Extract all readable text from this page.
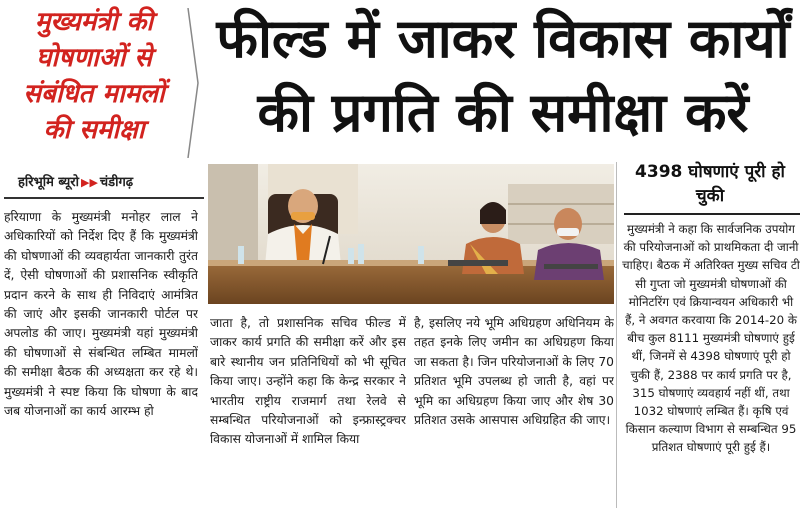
मुख्यमंत्री की
घोषणाओं से
संबंधित मामलों
की समीक्षा
फील्ड में जाकर विकास कार्यों
की प्रगति की समीक्षा करें
हरिभूमि ब्यूरो ▶▶ चंडीगढ़
हरियाणा के मुख्यमंत्री मनोहर लाल ने अधिकारियों को निर्देश दिए हैं कि मुख्यमंत्री की घोषणाओं की व्यवहार्यता जानकारी तुरंत दें, ऐसी घोषणाओं की प्रशासनिक स्वीकृति प्रदान करने के साथ ही निविदाएं आमंत्रित की जाएं और इसकी जानकारी पोर्टल पर अपलोड की जाए। मुख्यमंत्री यहां मुख्यमंत्री की घोषणाओं से संबन्धित लम्बित मामलों की समीक्षा बैठक की अध्यक्षता कर रहे थे। मुख्यमंत्री ने स्पष्ट किया कि घोषणा के बाद जब योजनाओं का कार्य आरम्भ हो
जाता है, तो प्रशासनिक सचिव फील्ड में जाकर कार्य प्रगति की समीक्षा करें और इस बारे स्थानीय जन प्रतिनिधियों को भी सूचित किया जाए। उन्होंने कहा कि केन्द्र सरकार ने भारतीय राष्ट्रीय राजमार्ग तथा रेलवे से सम्बन्धित परियोजनाओं को इन्फ्रास्ट्रक्चर विकास योजनाओं में शामिल किया
है, इसलिए नये भूमि अधिग्रहण अधिनियम के तहत इनके लिए जमीन का अधिग्रहण किया जा सकता है। जिन परियोजनाओं के लिए 70 प्रतिशत भूमि उपलब्ध हो जाती है, वहां पर भूमि का अधिग्रहण किया जाए और शेष 30 प्रतिशत उसके आसपास अधिग्रहित की जाए।
4398 घोषणाएं पूरी हो चुकी
मुख्यमंत्री ने कहा कि सार्वजनिक उपयोग की परियोजनाओं को प्राथमिकता दी जानी चाहिए। बैठक में अतिरिक्त मुख्य सचिव टी सी गुप्ता जो मुख्यमंत्री घोषणाओं की मोनिटरिंग एवं क्रियान्वयन अधिकारी भी हैं, ने अवगत करवाया कि 2014-20 के बीच कुल 8111 मुख्यमंत्री घोषणाएं हुई थीं, जिनमें से 4398 घोषणाएं पूरी हो चुकी हैं, 2388 पर कार्य प्रगति पर है, 315 घोषणाएं व्यवहार्य नहीं थीं, तथा 1032 घोषणाएं लम्बित हैं। कृषि एवं किसान कल्याण विभाग से सम्बन्धित 95 प्रतिशत घोषणाएं पूरी हुई हैं।
